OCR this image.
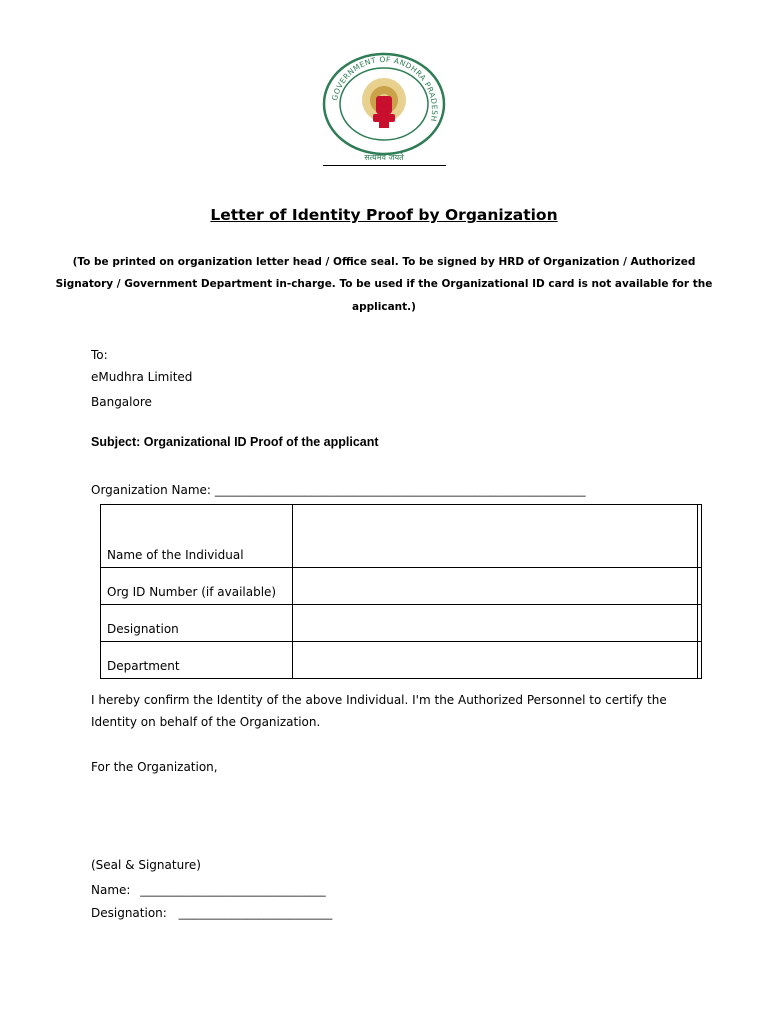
GOVERNMENT OF ANDHRA PRADESH
सत्यमेव जयते
Letter of Identity Proof by Organization
(To be printed on organization letter head / Office seal. To be signed by HRD of Organization / Authorized
Signatory / Government Department in-charge. To be used if the Organizational ID card is not available for the
applicant.)
To:
eMudhra Limited
Bangalore
Subject: Organizational ID Proof of the applicant
Organization Name: ______________________________________________________________________
Name of the Individual		
Org ID Number (if available)		
Designation		
Department		
I hereby confirm the Identity of the above Individual. I'm the Authorized Personnel to certify the
Identity on behalf of the Organization.
For the Organization,
(Seal & Signature)
Name: ___________________________________
Designation: _____________________________
